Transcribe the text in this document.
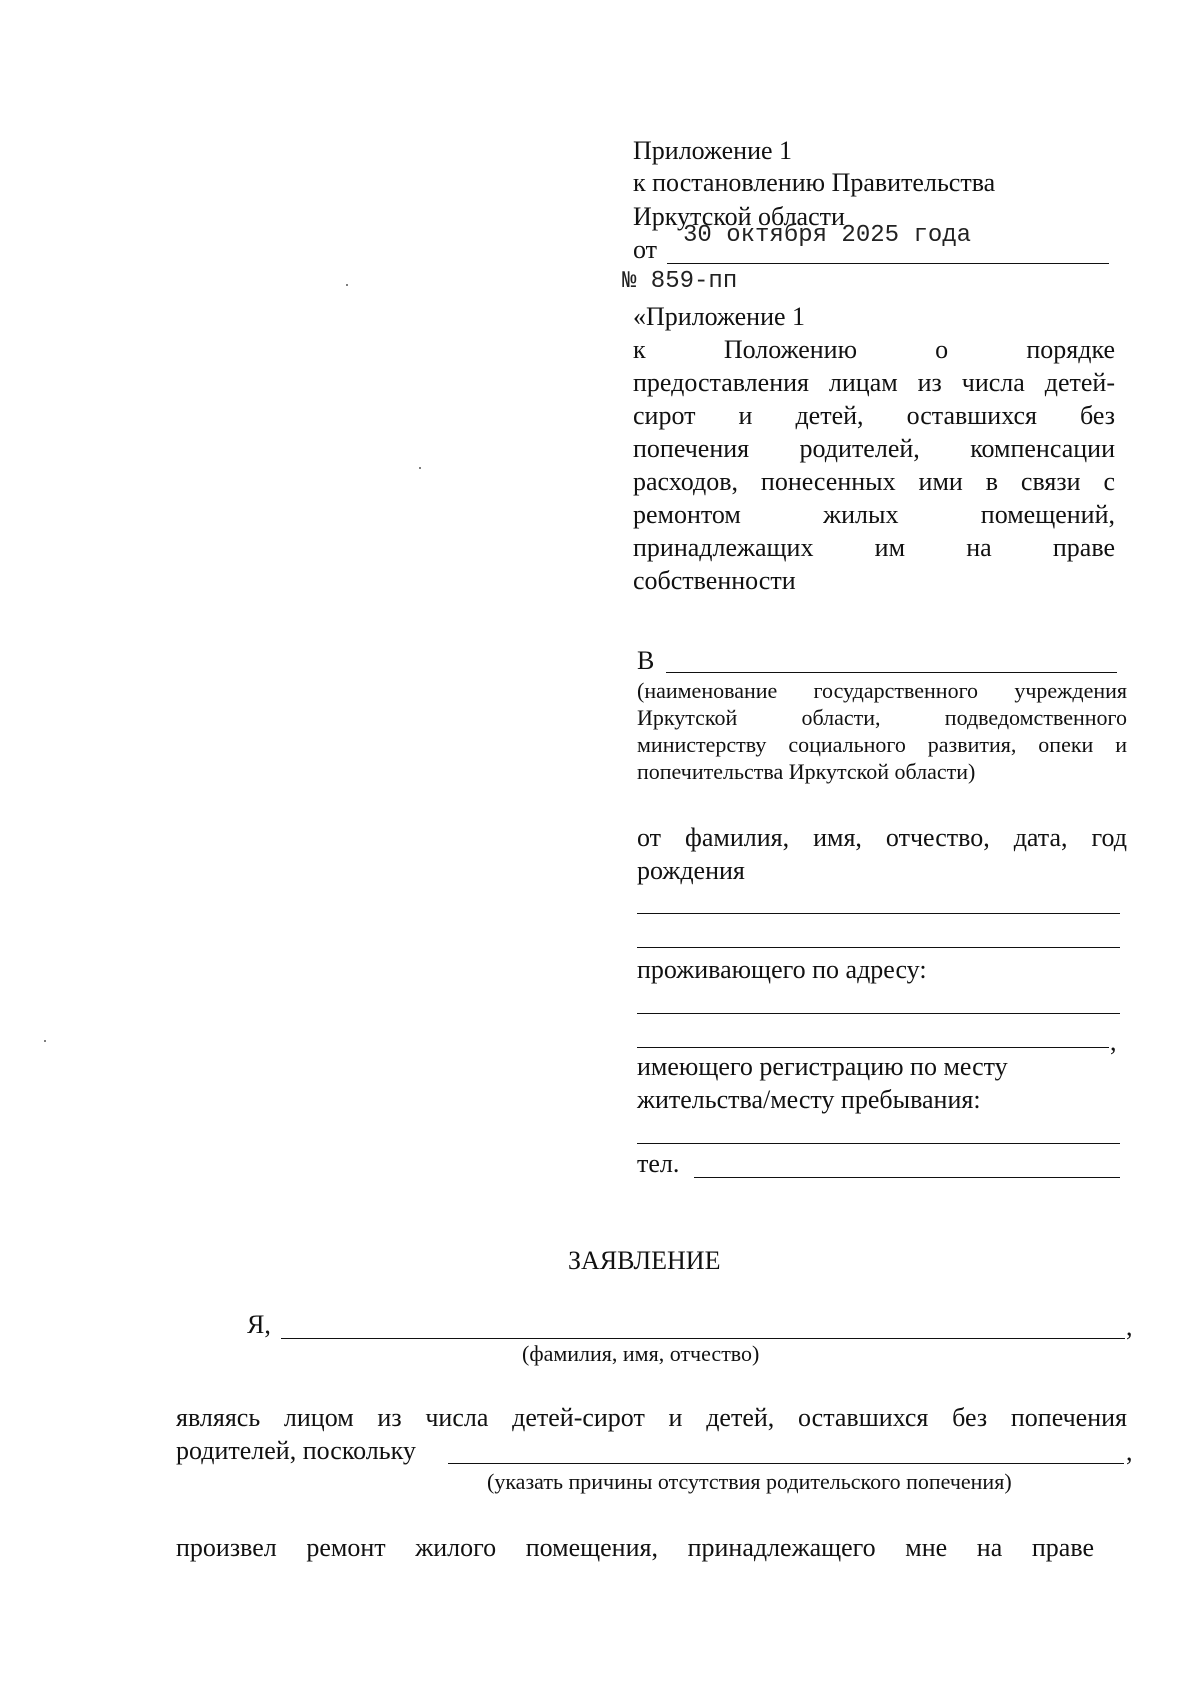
Приложение 1
к постановлению Правительства
Иркутской области
от 30 октября 2025 года
№ 859-пп
«Приложение 1
к Положению о порядке
предоставления лицам из числа детей-
сирот и детей, оставшихся без
попечения родителей, компенсации
расходов, понесенных ими в связи с
ремонтом жилых помещений,
принадлежащих им на праве
собственности
В
(наименование государственного учреждения
Иркутской области, подведомственного
министерству социального развития, опеки и
попечительства Иркутской области)
от фамилия, имя, отчество, дата, год
рождения
проживающего по адресу:
,
имеющего регистрацию по месту
жительства/месту пребывания:
тел.
ЗАЯВЛЕНИЕ
Я,	,
(фамилия, имя, отчество)
являясь лицом из числа детей-сирот и детей, оставшихся без попечения
родителей, поскольку	,
(указать причины отсутствия родительского попечения)
произвел ремонт жилого помещения, принадлежащего мне на праве
